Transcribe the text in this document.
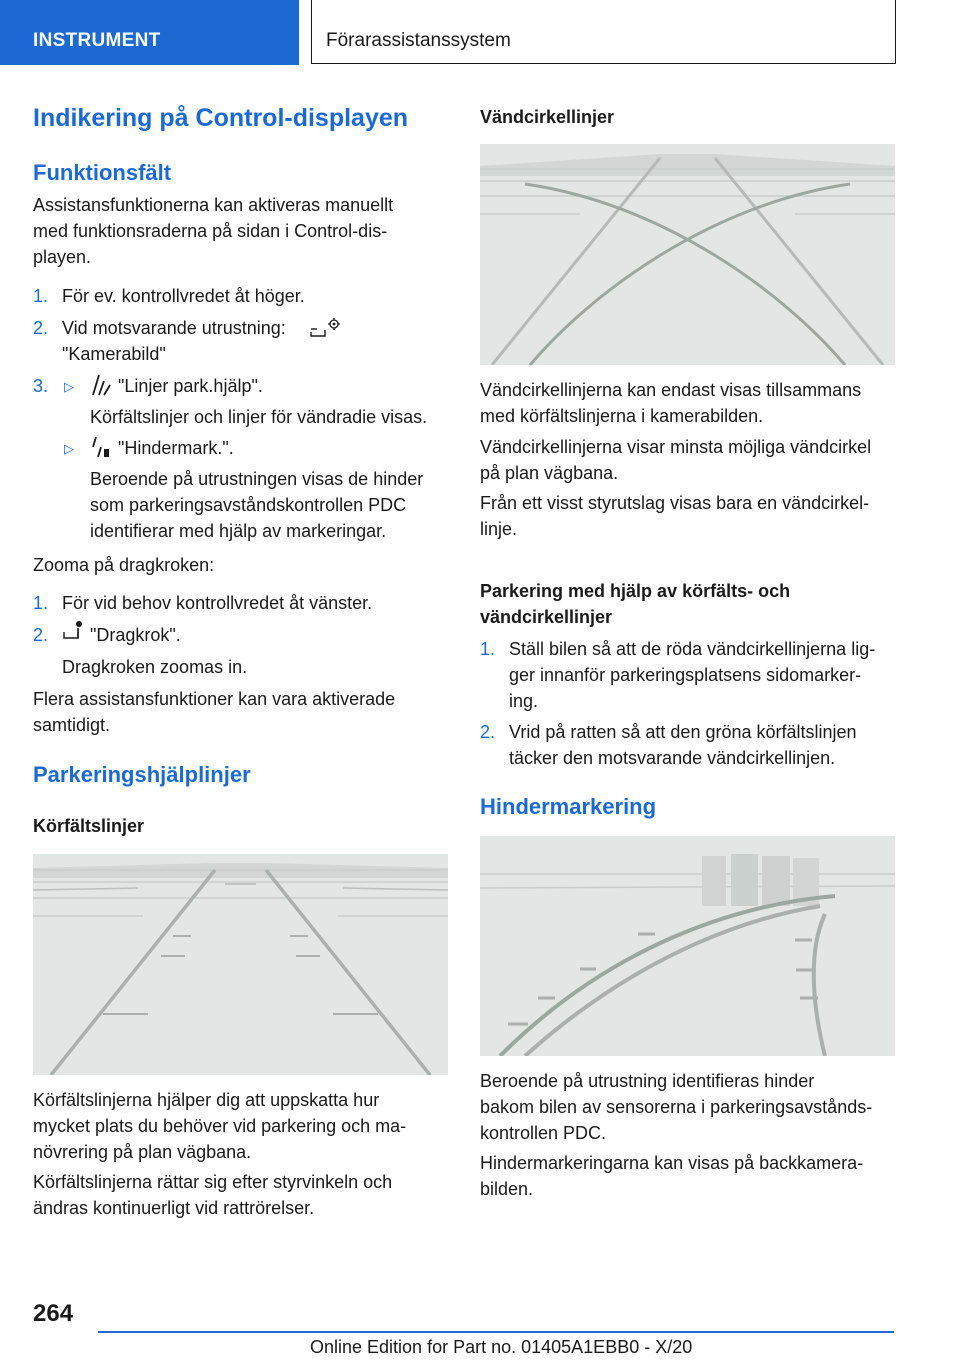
INSTRUMENT	Förarassistanssystem
Indikering på Control-displayen
Funktionsfält
Assistansfunktionerna kan aktiveras manuellt
med funktionsraderna på sidan i Control-dis-
playen.
1. För ev. kontrollvredet åt höger.
2. Vid motsvarande utrustning:
"Kamerabild"
3. ▷ "Linjer park.hjälp".
Körfältslinjer och linjer för vändradie visas.
▷ "Hindermark.".
Beroende på utrustningen visas de hinder
som parkeringsavståndskontrollen PDC
identifierar med hjälp av markeringar.
Zooma på dragkroken:
1. För vid behov kontrollvredet åt vänster.
2. "Dragkrok".
Dragkroken zoomas in.
Flera assistansfunktioner kan vara aktiverade
samtidigt.
Parkeringshjälplinjer
Körfältslinjer
Körfältslinjerna hjälper dig att uppskatta hur
mycket plats du behöver vid parkering och ma-
növrering på plan vägbana.
Körfältslinjerna rättar sig efter styrvinkeln och
ändras kontinuerligt vid rattrörelser.
Vändcirkellinjer
Vändcirkellinjerna kan endast visas tillsammans
med körfältslinjerna i kamerabilden.
Vändcirkellinjerna visar minsta möjliga vändcirkel
på plan vägbana.
Från ett visst styrutslag visas bara en vändcirkel-
linje.
Parkering med hjälp av körfälts- och
vändcirkellinjer
1. Ställ bilen så att de röda vändcirkellinjerna lig-
ger innanför parkeringsplatsens sidomarker-
ing.
2. Vrid på ratten så att den gröna körfältslinjen
täcker den motsvarande vändcirkellinjen.
Hindermarkering
Beroende på utrustning identifieras hinder
bakom bilen av sensorerna i parkeringsavstånds-
kontrollen PDC.
Hindermarkeringarna kan visas på backkamera-
bilden.
264
Online Edition for Part no. 01405A1EBB0 - X/20
